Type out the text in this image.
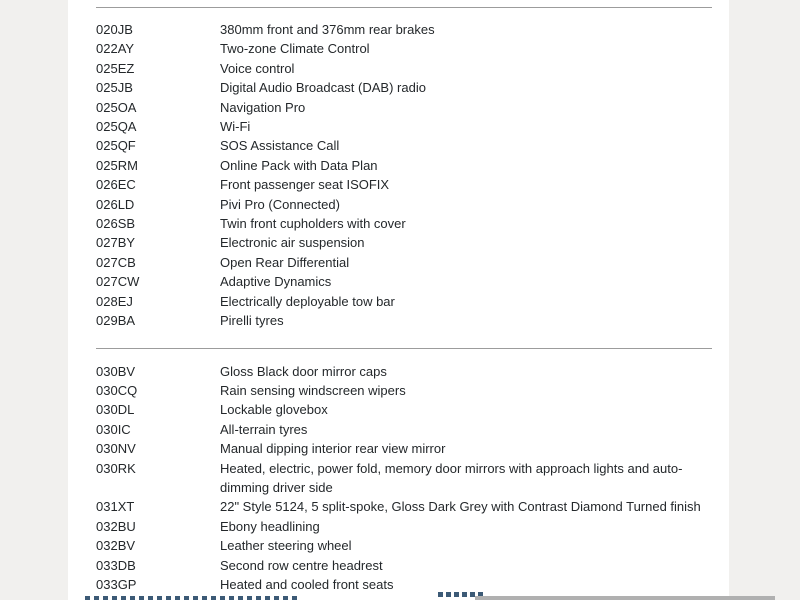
020JB	380mm front and 376mm rear brakes
022AY	Two-zone Climate Control
025EZ	Voice control
025JB	Digital Audio Broadcast (DAB) radio
025OA	Navigation Pro
025QA	Wi-Fi
025QF	SOS Assistance Call
025RM	Online Pack with Data Plan
026EC	Front passenger seat ISOFIX
026LD	Pivi Pro (Connected)
026SB	Twin front cupholders with cover
027BY	Electronic air suspension
027CB	Open Rear Differential
027CW	Adaptive Dynamics
028EJ	Electrically deployable tow bar
029BA	Pirelli tyres
030BV	Gloss Black door mirror caps
030CQ	Rain sensing windscreen wipers
030DL	Lockable glovebox
030IC	All-terrain tyres
030NV	Manual dipping interior rear view mirror
030RK	Heated, electric, power fold, memory door mirrors with approach lights and auto-dimming driver side
031XT	22" Style 5124, 5 split-spoke, Gloss Dark Grey with Contrast Diamond Turned finish
032BU	Ebony headlining
032BV	Leather steering wheel
033DB	Second row centre headrest
033GP	Heated and cooled front seats
